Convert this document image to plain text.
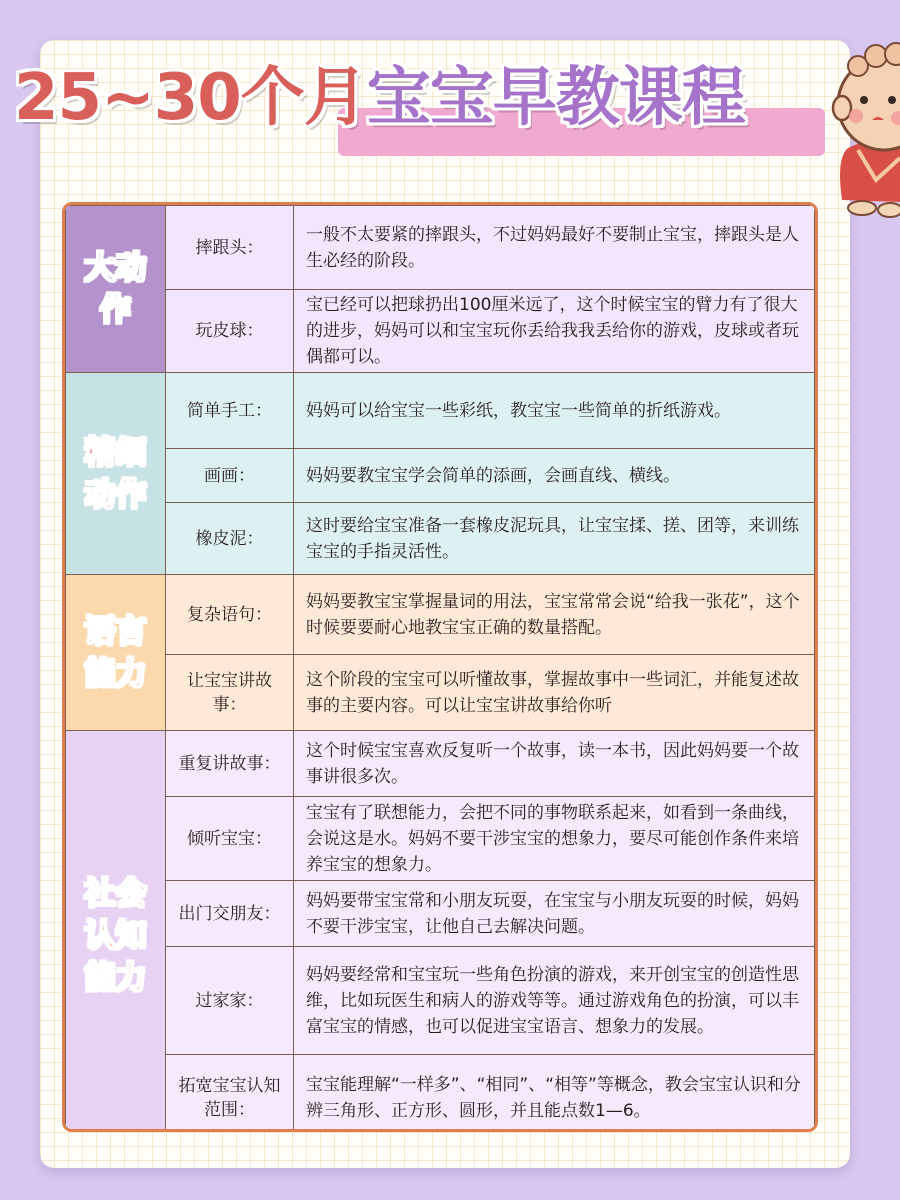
25~30个月 宝宝早教课程
大动作	摔跟头：	一般不太要紧的摔跟头，不过妈妈最好不要制止宝宝，摔跟头是人生必经的阶段。
	玩皮球：	宝已经可以把球扔出100厘米远了，这个时候宝宝的臂力有了很大的进步，妈妈可以和宝宝玩你丢给我我丢给你的游戏，皮球或者玩偶都可以。
精细动作	简单手工：	妈妈可以给宝宝一些彩纸，教宝宝一些简单的折纸游戏。
	画画：	妈妈要教宝宝学会简单的添画，会画直线、横线。
	橡皮泥：	这时要给宝宝准备一套橡皮泥玩具，让宝宝揉、搓、团等，来训练宝宝的手指灵活性。
语言能力	复杂语句：	妈妈要教宝宝掌握量词的用法，宝宝常常会说“给我一张花”，这个时候要要耐心地教宝宝正确的数量搭配。
	让宝宝讲故事：	这个阶段的宝宝可以听懂故事，掌握故事中一些词汇，并能复述故事的主要内容。可以让宝宝讲故事给你听
社会认知能力	重复讲故事：	这个时候宝宝喜欢反复听一个故事，读一本书，因此妈妈要一个故事讲很多次。
	倾听宝宝：	宝宝有了联想能力，会把不同的事物联系起来，如看到一条曲线，会说这是水。妈妈不要干涉宝宝的想象力，要尽可能创作条件来培养宝宝的想象力。
	出门交朋友：	妈妈要带宝宝常和小朋友玩耍，在宝宝与小朋友玩耍的时候，妈妈不要干涉宝宝，让他自己去解决问题。
	过家家：	妈妈要经常和宝宝玩一些角色扮演的游戏，来开创宝宝的创造性思维，比如玩医生和病人的游戏等等。通过游戏角色的扮演，可以丰富宝宝的情感，也可以促进宝宝语言、想象力的发展。
	拓宽宝宝认知范围：	宝宝能理解“一样多”、“相同”、“相等”等概念，教会宝宝认识和分辨三角形、正方形、圆形，并且能点数1—6。
